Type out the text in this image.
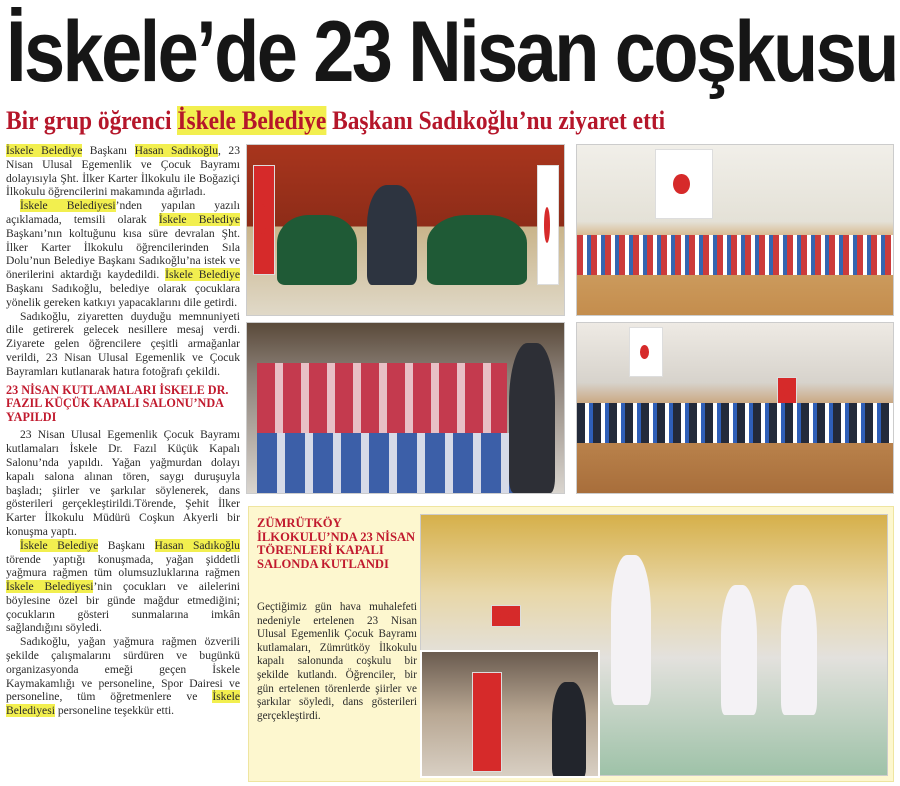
İskele’de 23 Nisan coşkusu
Bir grup öğrenci İskele Belediye Başkanı Sadıkoğlu’nu ziyaret etti

İskele Belediye Başkanı Hasan Sadıkoğlu, 23 Nisan Ulusal Egemenlik ve Çocuk Bayramı dolayısıyla Şht. İlker Karter İlkokulu ile Boğaziçi İlkokulu öğrencilerini makamında ağırladı.

İskele Belediyesi’nden yapılan yazılı açıklamada, temsili olarak İskele Belediye Başkanı’nın koltuğunu kısa süre devralan Şht. İlker Karter İlkokulu öğrencilerinden Sıla Dolu’nun Belediye Başkanı Sadıkoğlu’na istek ve önerilerini aktardığı kaydedildi. İskele Belediye Başkanı Sadıkoğlu, belediye olarak çocuklara yönelik gereken katkıyı yapacaklarını dile getirdi.

Sadıkoğlu, ziyaretten duyduğu memnuniyeti dile getirerek gelecek nesillere mesaj verdi. Ziyarete gelen öğrencilere çeşitli armağanlar verildi, 23 Nisan Ulusal Egemenlik ve Çocuk Bayramları kutlanarak hatıra fotoğrafı çekildi.

23 NİSAN KUTLAMALARI İSKELE DR. FAZIL KÜÇÜK KAPALI SALONU’NDA YAPILDI

23 Nisan Ulusal Egemenlik Çocuk Bayramı kutlamaları İskele Dr. Fazıl Küçük Kapalı Salonu’nda yapıldı. Yağan yağmurdan dolayı kapalı salona alınan tören, saygı duruşuyla başladı; şiirler ve şarkılar söylenerek, dans gösterileri gerçekleştirildi.Törende, Şehit İlker Karter İlkokulu Müdürü Coşkun Akyerli bir konuşma yaptı.

İskele Belediye Başkanı Hasan Sadıkoğlu törende yaptığı konuşmada, yağan şiddetli yağmura rağmen tüm olumsuzluklarına rağmen İskele Belediyesi’nin çocukları ve ailelerini böylesine özel bir günde mağdur etmediğini; çocukların gösteri sunmalarına imkân sağlandığını söyledi.

Sadıkoğlu, yağan yağmura rağmen özverili şekilde çalışmalarını sürdüren ve bugünkü organizasyonda emeği geçen İskele Kaymakamlığı ve personeline, Spor Dairesi ve personeline, tüm öğretmenlere ve İskele Belediyesi personeline teşekkür etti.

ZÜMRÜTKÖY İLKOKULU’NDA 23 NİSAN TÖRENLERİ KAPALI SALONDA KUTLANDI
Geçtiğimiz gün hava muhalefeti nedeniyle ertelenen 23 Nisan Ulusal Egemenlik Çocuk Bayramı kutlamaları, Zümrütköy İlkokulu kapalı salonunda coşkulu bir şekilde kutlandı. Öğrenciler, bir gün ertelenen törenlerde şiirler ve şarkılar söyledi, dans gösterileri gerçekleştirdi.
